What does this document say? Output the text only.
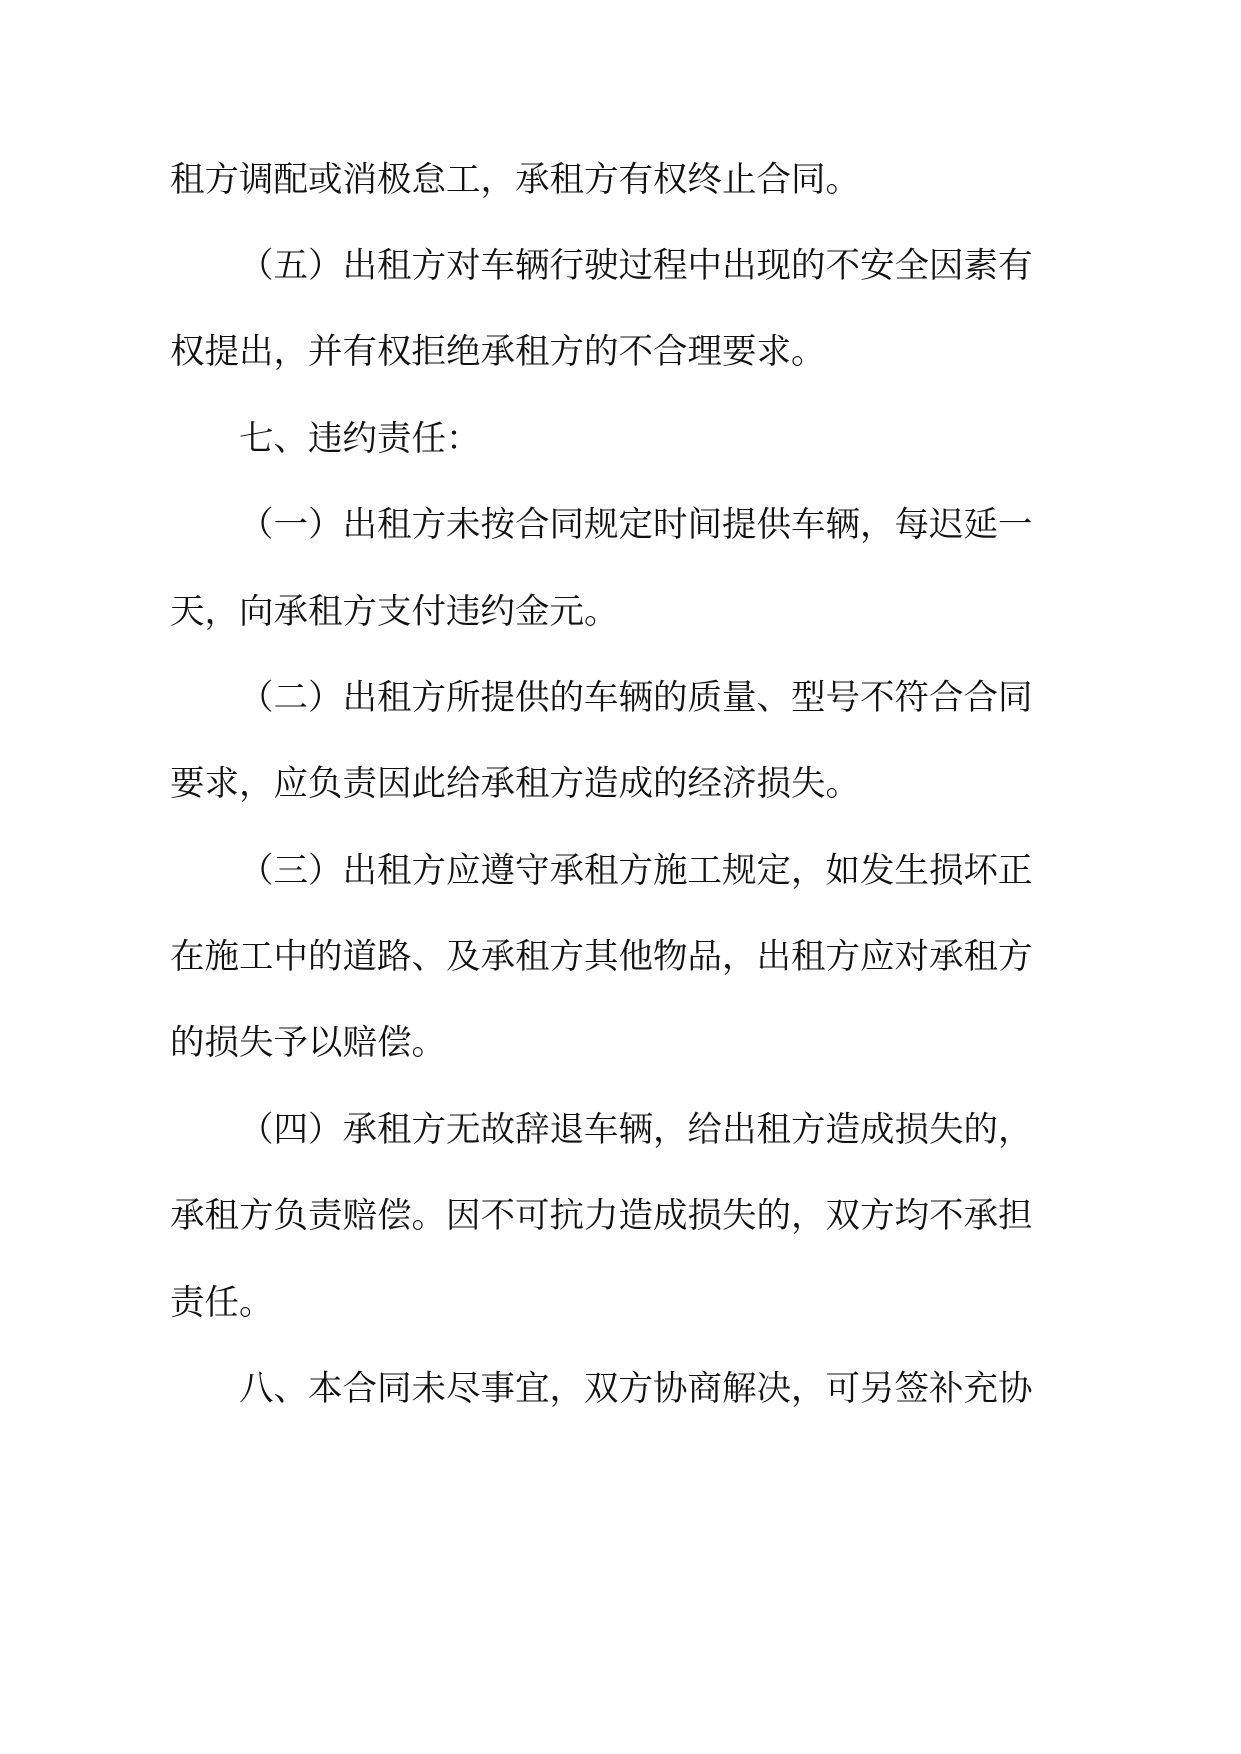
租方调配或消极怠工，承租方有权终止合同。
（五）出租方对车辆行驶过程中出现的不安全因素有
权提出，并有权拒绝承租方的不合理要求。
七、违约责任：
（一）出租方未按合同规定时间提供车辆，每迟延一
天，向承租方支付违约金元。
（二）出租方所提供的车辆的质量、型号不符合合同
要求，应负责因此给承租方造成的经济损失。
（三）出租方应遵守承租方施工规定，如发生损坏正
在施工中的道路、及承租方其他物品，出租方应对承租方
的损失予以赔偿。
（四）承租方无故辞退车辆，给出租方造成损失的，
承租方负责赔偿。因不可抗力造成损失的，双方均不承担
责任。
八、本合同未尽事宜，双方协商解决，可另签补充协
